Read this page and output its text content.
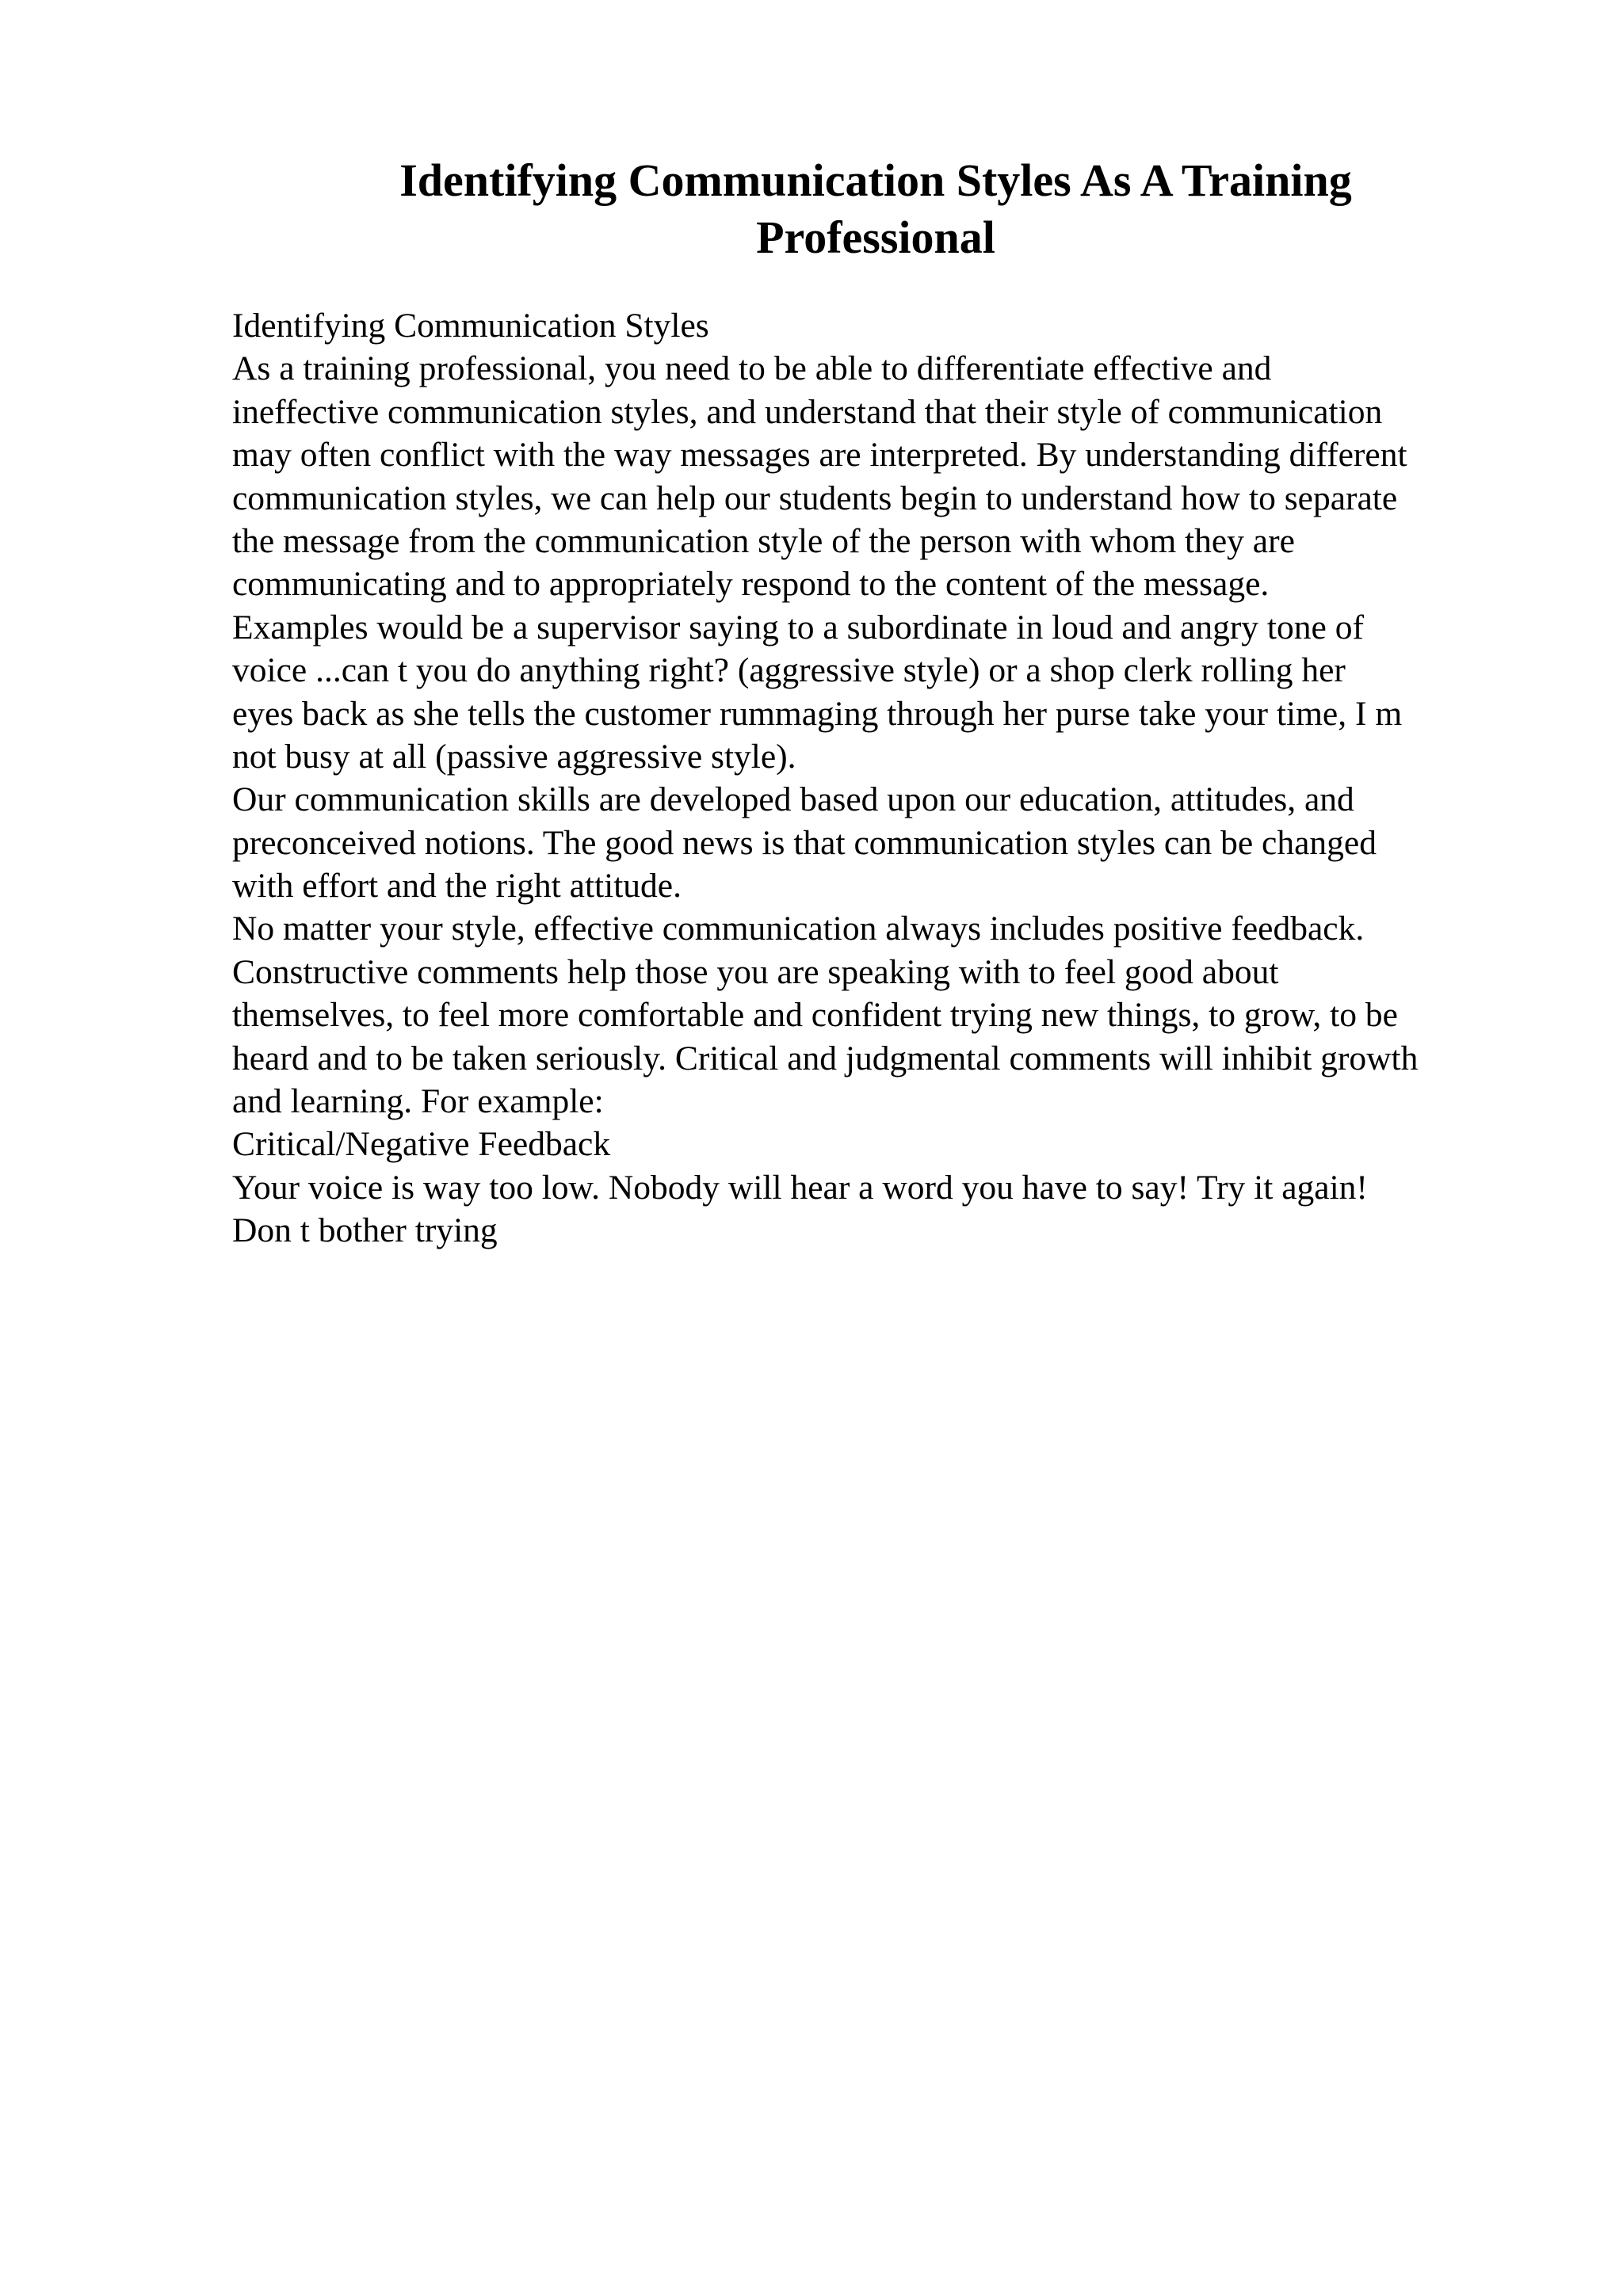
Identifying Communication Styles As A Training
Professional
Identifying Communication Styles
As a training professional, you need to be able to differentiate effective and
ineffective communication styles, and understand that their style of communication
may often conflict with the way messages are interpreted. By understanding different
communication styles, we can help our students begin to understand how to separate
the message from the communication style of the person with whom they are
communicating and to appropriately respond to the content of the message.
Examples would be a supervisor saying to a subordinate in loud and angry tone of
voice ...can t you do anything right? (aggressive style) or a shop clerk rolling her
eyes back as she tells the customer rummaging through her purse take your time, I m
not busy at all (passive aggressive style).
Our communication skills are developed based upon our education, attitudes, and
preconceived notions. The good news is that communication styles can be changed
with effort and the right attitude.
No matter your style, effective communication always includes positive feedback.
Constructive comments help those you are speaking with to feel good about
themselves, to feel more comfortable and confident trying new things, to grow, to be
heard and to be taken seriously. Critical and judgmental comments will inhibit growth
and learning. For example:
Critical/Negative Feedback
Your voice is way too low. Nobody will hear a word you have to say! Try it again!
Don t bother trying
